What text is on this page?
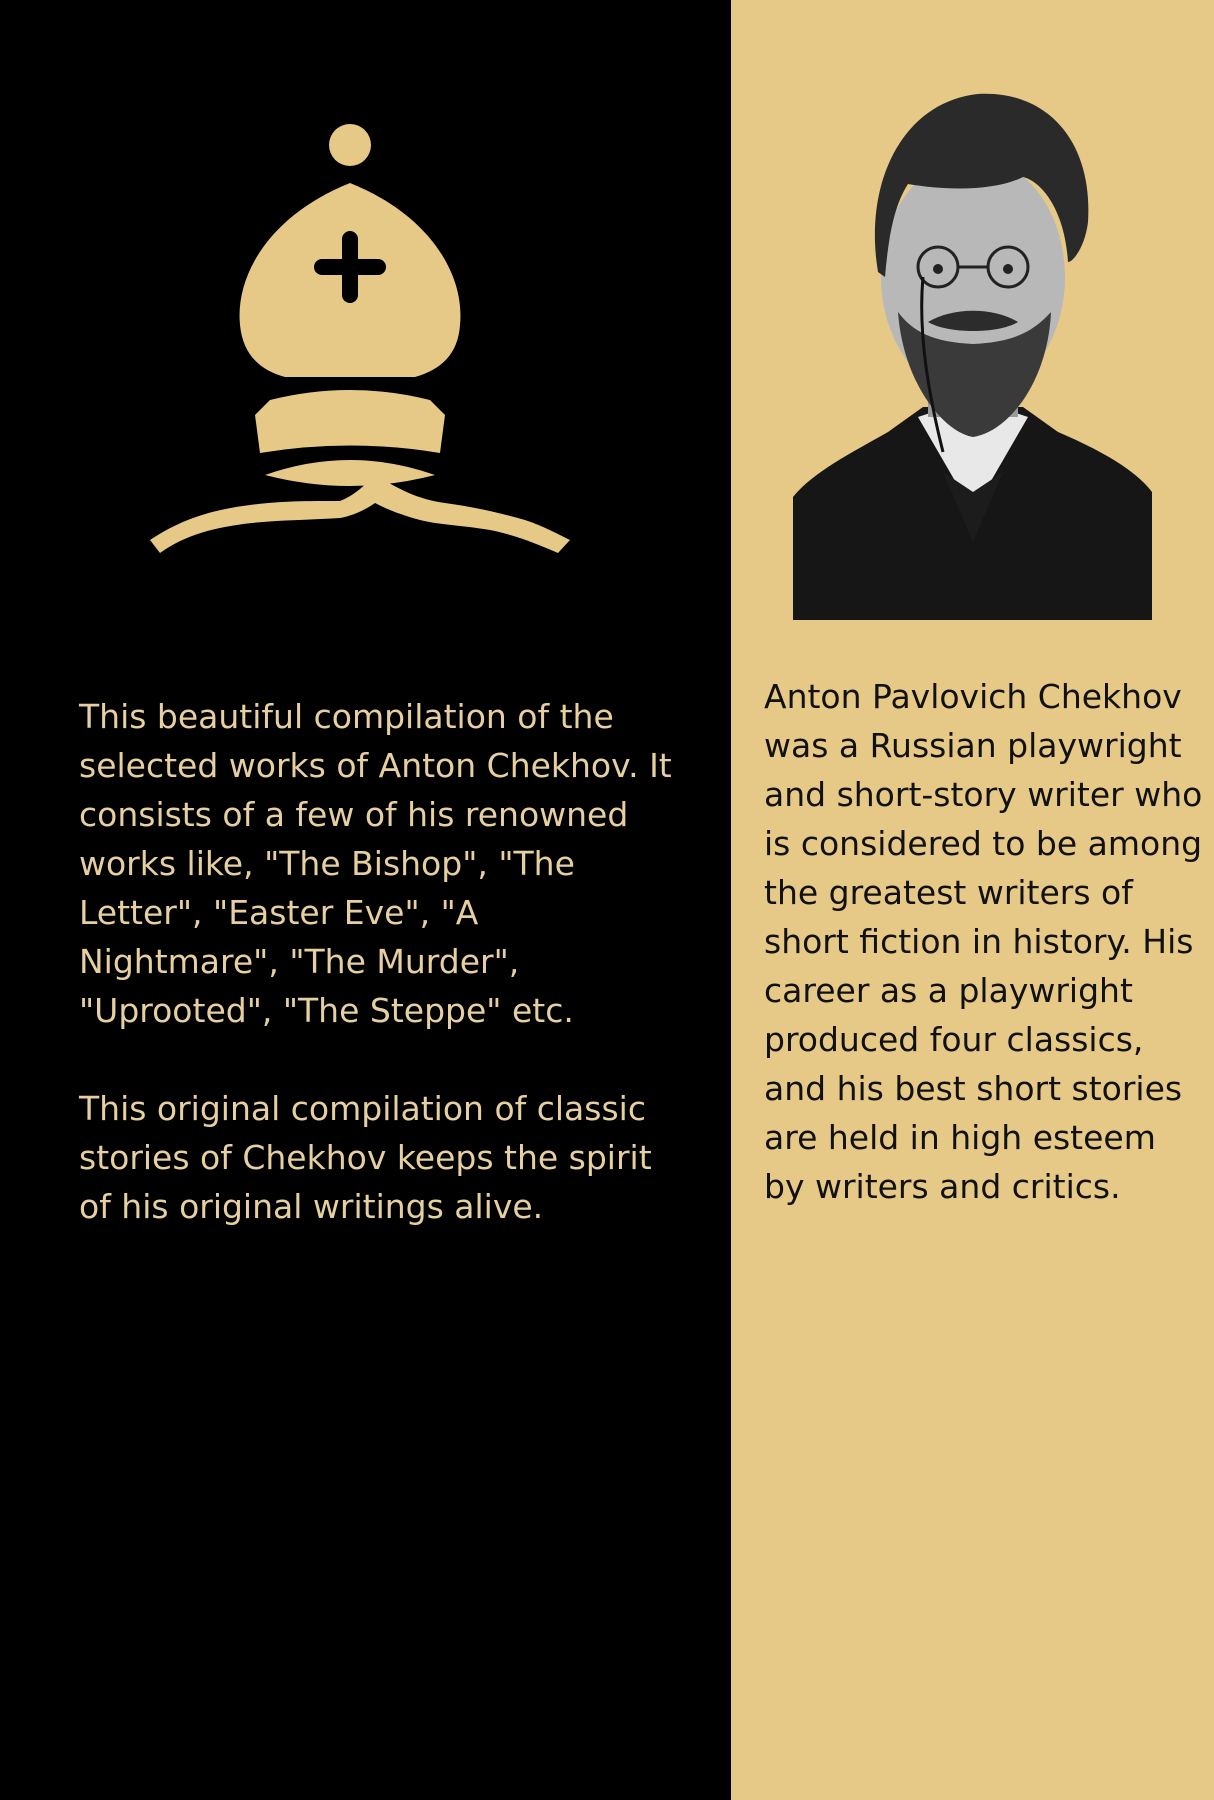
This beautiful compilation of the selected works of Anton Chekhov. It consists of a few of his renowned works like, "The Bishop", "The Letter", "Easter Eve", "A Nightmare", "The Murder", "Uprooted", "The Steppe" etc.

This original compilation of classic stories of Chekhov keeps the spirit of his original writings alive.

Anton Pavlovich Chekhov was a Russian playwright and short-story writer who is considered to be among the greatest writers of short fiction in history. His career as a playwright produced four classics, and his best short stories are held in high esteem by writers and critics.
